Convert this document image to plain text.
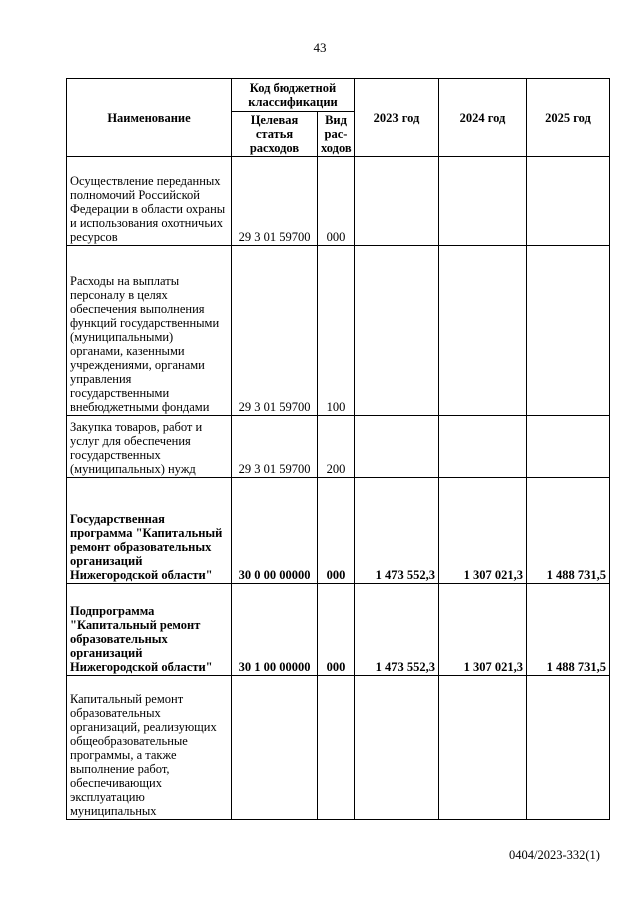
43
Наименование	Код бюджетной классификации		2023 год	2024 год	2025 год
	Целевая статья расходов	Вид рас-ходов			
Осуществление переданных полномочий Российской Федерации в области охраны и использования охотничьих ресурсов	29 3 01 59700	000			
Расходы на выплаты персоналу в целях обеспечения выполнения функций государственными (муниципальными) органами, казенными учреждениями, органами управления государственными внебюджетными фондами	29 3 01 59700	100			
Закупка товаров, работ и услуг для обеспечения государственных (муниципальных) нужд	29 3 01 59700	200			
Государственная программа "Капитальный ремонт образовательных организаций Нижегородской области"	30 0 00 00000	000	1 473 552,3	1 307 021,3	1 488 731,5
Подпрограмма "Капитальный ремонт образовательных организаций Нижегородской области"	30 1 00 00000	000	1 473 552,3	1 307 021,3	1 488 731,5
Капитальный ремонт образовательных организаций, реализующих общеобразовательные программы, а также выполнение работ, обеспечивающих эксплуатацию муниципальных					
0404/2023-332(1)
